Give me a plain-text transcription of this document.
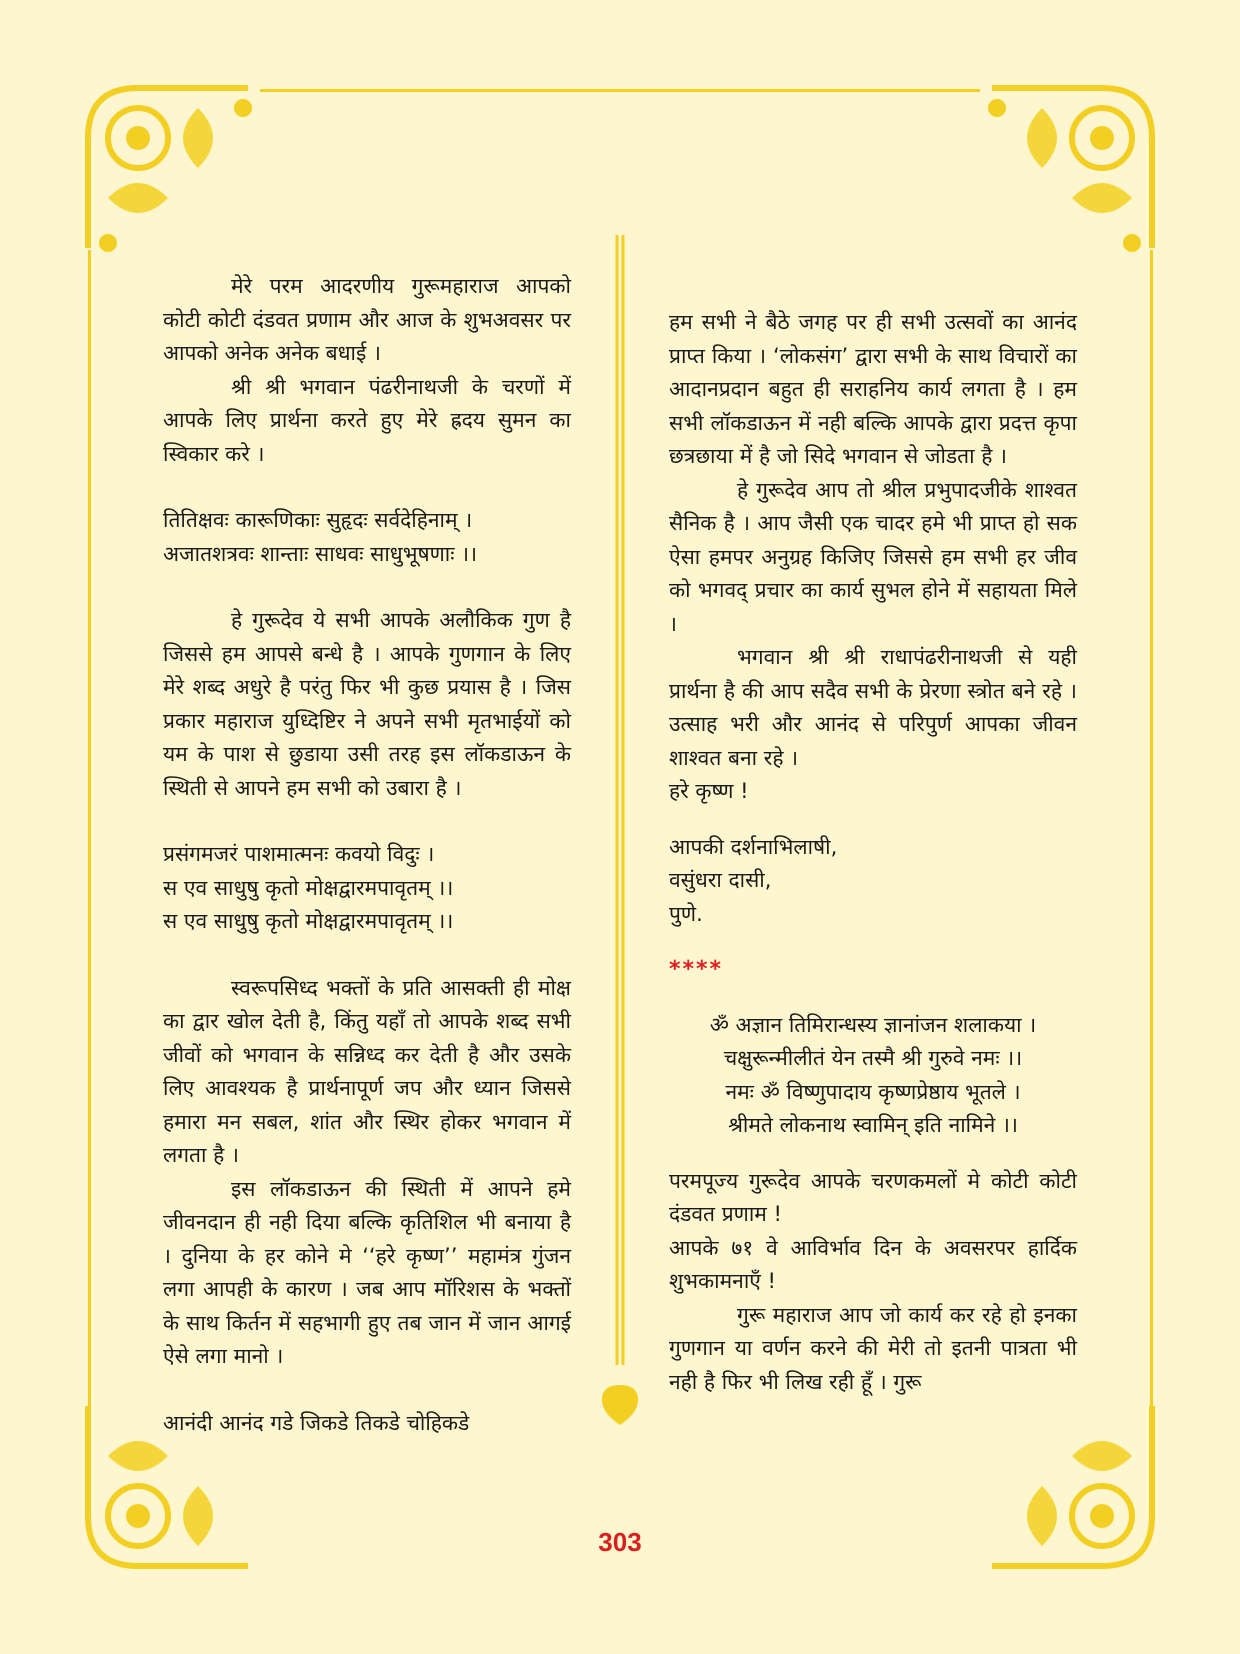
मेरे परम आदरणीय गुरूमहाराज आपको कोटी कोटी दंडवत प्रणाम और आज के शुभअवसर पर आपको अनेक अनेक बधाई ।

श्री श्री भगवान पंढरीनाथजी के चरणों में आपके लिए प्रार्थना करते हुए मेरे ह्रदय सुमन का स्विकार करे ।

तितिक्षवः कारूणिकाः सुहृदः सर्वदेहिनाम् ।

अजातशत्रवः शान्ताः साधवः साधुभूषणाः ।।

हे गुरूदेव ये सभी आपके अलौकिक गुण है जिससे हम आपसे बन्धे है । आपके गुणगान के लिए मेरे शब्द अधुरे है परंतु फिर भी कुछ प्रयास है । जिस प्रकार महाराज युध्दिष्टिर ने अपने सभी मृतभाईयों को यम के पाश से छुडाया उसी तरह इस लॉकडाऊन के स्थिती से आपने हम सभी को उबारा है ।

प्रसंगमजरं पाशमात्मनः कवयो विदुः ।

स एव साधुषु कृतो मोक्षद्वारमपावृतम् ।।

स एव साधुषु कृतो मोक्षद्वारमपावृतम् ।।

स्वरूपसिध्द भक्तों के प्रति आसक्ती ही मोक्ष का द्वार खोल देती है, किंतु यहाँ तो आपके शब्द सभी जीवों को भगवान के सन्निध्द कर देती है और उसके लिए आवश्यक है प्रार्थनापूर्ण जप और ध्यान जिससे हमारा मन सबल, शांत और स्थिर होकर भगवान में लगता है ।

इस लॉकडाऊन की स्थिती में आपने हमे जीवनदान ही नही दिया बल्कि कृतिशिल भी बनाया है । दुनिया के हर कोने मे ‘‘हरे कृष्ण’’ महामंत्र गुंजन लगा आपही के कारण । जब आप मॉरिशस के भक्तों के साथ किर्तन में सहभागी हुए तब जान में जान आगई ऐसे लगा मानो ।

आनंदी आनंद गडे जिकडे तिकडे चोहिकडे

हम सभी ने बैठे जगह पर ही सभी उत्सवों का आनंद प्राप्त किया । ‘लोकसंग’ द्वारा सभी के साथ विचारों का आदानप्रदान बहुत ही सराहनिय कार्य लगता है । हम सभी लॉकडाऊन में नही बल्कि आपके द्वारा प्रदत्त कृपा छत्रछाया में है जो सिदे भगवान से जोडता है ।

हे गुरूदेव आप तो श्रील प्रभुपादजीके शाश्वत सैनिक है । आप जैसी एक चादर हमे भी प्राप्त हो सक ऐसा हमपर अनुग्रह किजिए जिससे हम सभी हर जीव को भगवद् प्रचार का कार्य सुभल होने में सहायता मिले ।

भगवान श्री श्री राधापंढरीनाथजी से यही प्रार्थना है की आप सदैव सभी के प्रेरणा स्त्रोत बने रहे । उत्साह भरी और आनंद से परिपुर्ण आपका जीवन शाश्वत बना रहे ।

हरे कृष्ण !

आपकी दर्शनाभिलाषी,

वसुंधरा दासी,

पुणे.

****

ॐ अज्ञान तिमिरान्धस्य ज्ञानांजन शलाकया ।

चक्षुरून्मीलीतं येन तस्मै श्री गुरुवे नमः ।।

नमः ॐ विष्णुपादाय कृष्णप्रेष्ठाय भूतले ।

श्रीमते लोकनाथ स्वामिन् इति नामिने ।।

परमपूज्य गुरूदेव आपके चरणकमलों मे कोटी कोटी दंडवत प्रणाम !

आपके ७१ वे आविर्भाव दिन के अवसरपर हार्दिक शुभकामनाएँ !

गुरू महाराज आप जो कार्य कर रहे हो इनका गुणगान या वर्णन करने की मेरी तो इतनी पात्रता भी नही है फिर भी लिख रही हूँ । गुरू

303
